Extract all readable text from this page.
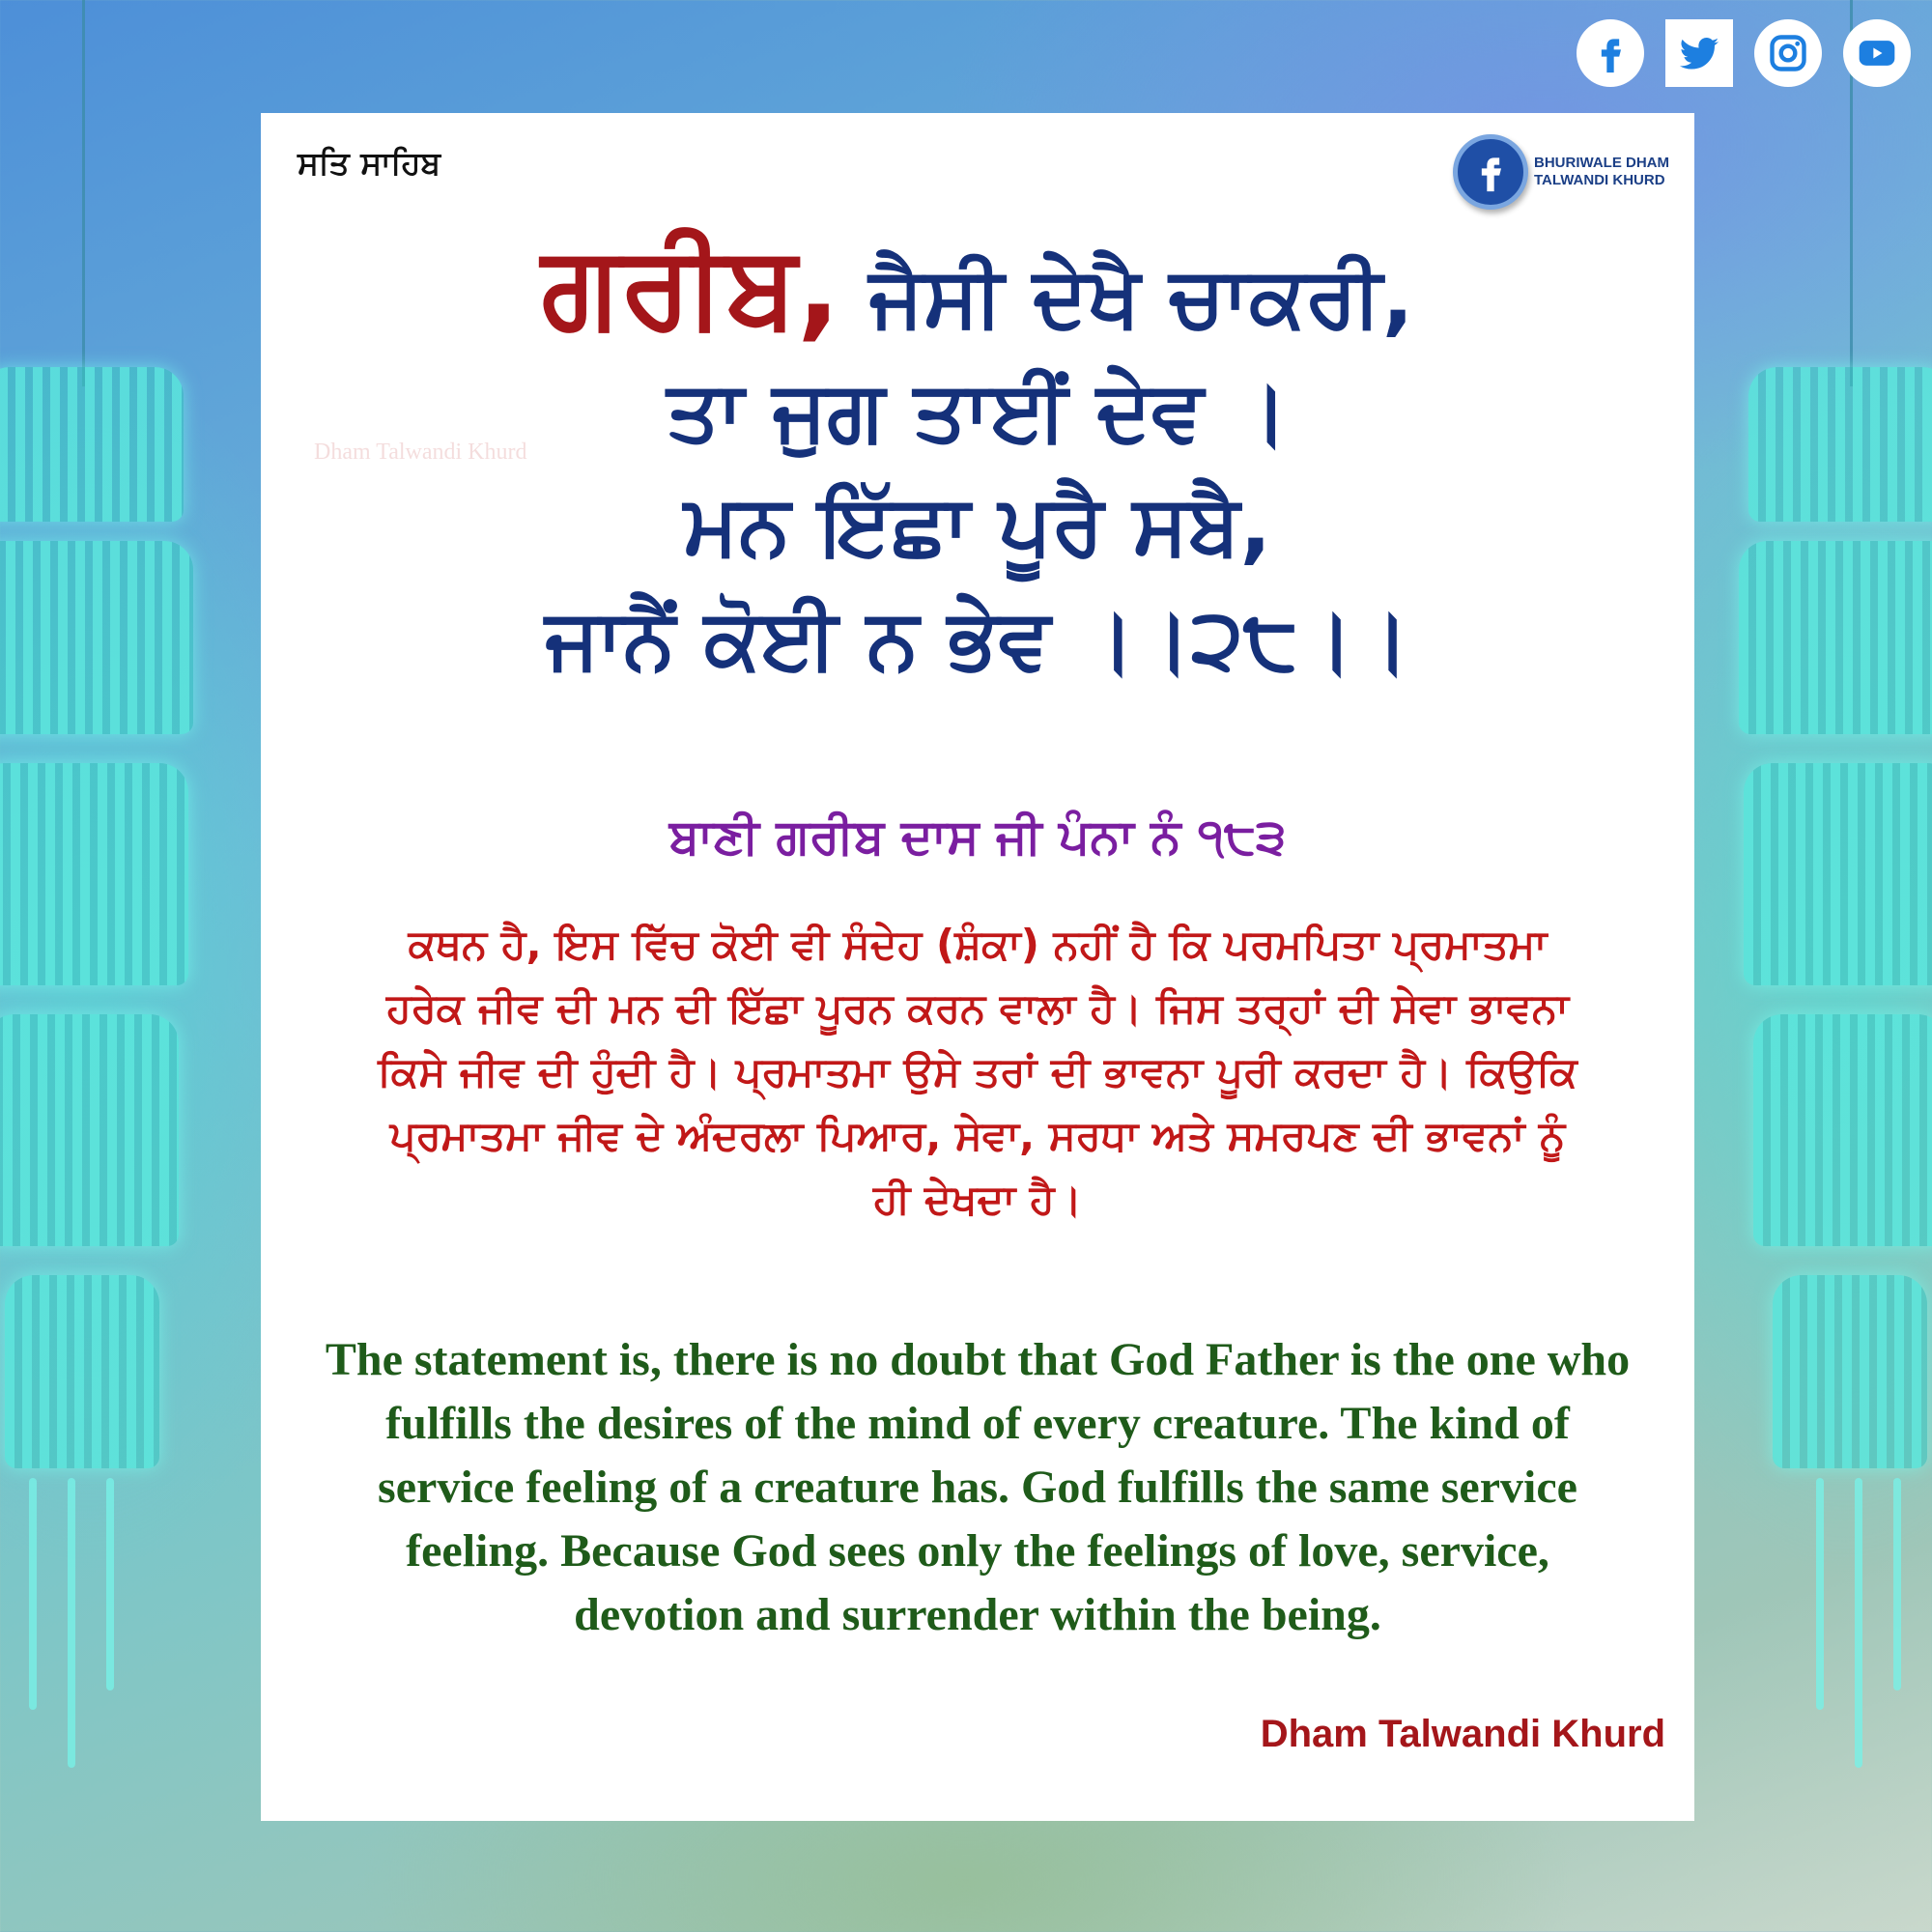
ਸਤਿ ਸਾਹਿਬ	BHURIWALE DHAM
TALWANDI KHURD
Dham Talwandi Khurd
ਗਰੀਬ, ਜੈਸੀ ਦੇਖੈ ਚਾਕਰੀ,
ਤਾ ਜੁਗ ਤਾਈਂ ਦੇਵ ।
ਮਨ ਇੱਛਾ ਪੂਰੈ ਸਬੈ,
ਜਾਨੈਂ ਕੋਈ ਨ ਭੇਵ ।।੨੮।।
ਬਾਣੀ ਗਰੀਬ ਦਾਸ ਜੀ ਪੰਨਾ ਨੰ ੧੮੩
ਕਥਨ ਹੈ, ਇਸ ਵਿੱਚ ਕੋਈ ਵੀ ਸੰਦੇਹ (ਸ਼ੰਕਾ) ਨਹੀਂ ਹੈ ਕਿ ਪਰਮਪਿਤਾ ਪ੍ਰਮਾਤਮਾ ਹਰੇਕ ਜੀਵ ਦੀ ਮਨ ਦੀ ਇੱਛਾ ਪੂਰਨ ਕਰਨ ਵਾਲਾ ਹੈ। ਜਿਸ ਤਰ੍ਹਾਂ ਦੀ ਸੇਵਾ ਭਾਵਨਾ ਕਿਸੇ ਜੀਵ ਦੀ ਹੁੰਦੀ ਹੈ। ਪ੍ਰਮਾਤਮਾ ਉਸੇ ਤਰਾਂ ਦੀ ਭਾਵਨਾ ਪੂਰੀ ਕਰਦਾ ਹੈ। ਕਿਉਕਿ ਪ੍ਰਮਾਤਮਾ ਜੀਵ ਦੇ ਅੰਦਰਲਾ ਪਿਆਰ, ਸੇਵਾ, ਸਰਧਾ ਅਤੇ ਸਮਰਪਣ ਦੀ ਭਾਵਨਾਂ ਨੂੰ ਹੀ ਦੇਖਦਾ ਹੈ।
The statement is, there is no doubt that God Father is the one who fulfills the desires of the mind of every creature. The kind of service feeling of a creature has. God fulfills the same service feeling. Because God sees only the feelings of love, service, devotion and surrender within the being.
Dham Talwandi Khurd
